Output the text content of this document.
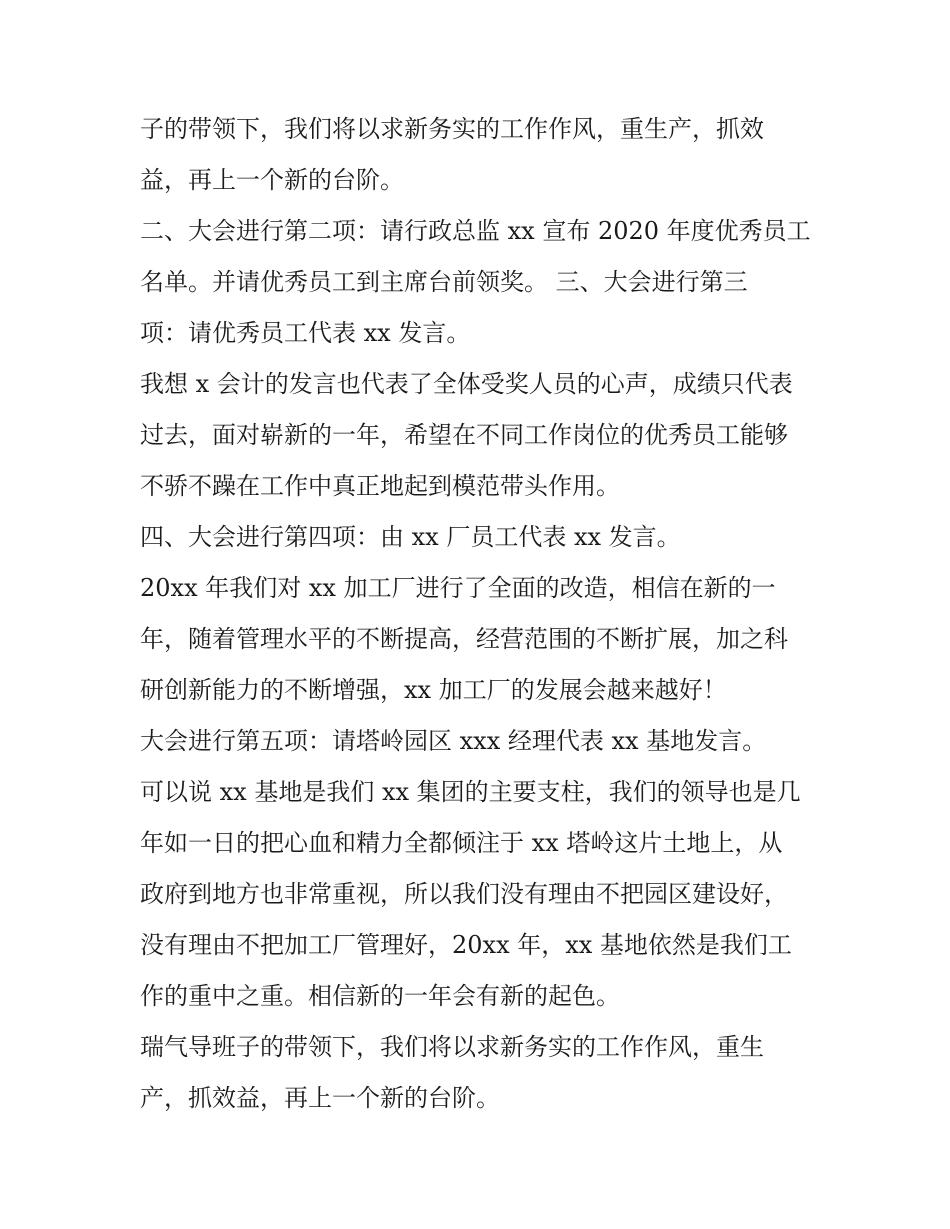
子的带领下，我们将以求新务实的工作作风，重生产，抓效
益，再上一个新的台阶。
二、大会进行第二项：请行政总监 xx 宣布 2020 年度优秀员工
名单。并请优秀员工到主席台前领奖。 三、大会进行第三
项：请优秀员工代表 xx 发言。
我想 x 会计的发言也代表了全体受奖人员的心声，成绩只代表
过去，面对崭新的一年，希望在不同工作岗位的优秀员工能够
不骄不躁在工作中真正地起到模范带头作用。
四、大会进行第四项：由 xx 厂员工代表 xx 发言。
20xx 年我们对 xx 加工厂进行了全面的改造，相信在新的一
年，随着管理水平的不断提高，经营范围的不断扩展，加之科
研创新能力的不断增强，xx 加工厂的发展会越来越好！
大会进行第五项：请塔岭园区 xxx 经理代表 xx 基地发言。
可以说 xx 基地是我们 xx 集团的主要支柱，我们的领导也是几
年如一日的把心血和精力全都倾注于 xx 塔岭这片土地上，从
政府到地方也非常重视，所以我们没有理由不把园区建设好，
没有理由不把加工厂管理好，20xx 年，xx 基地依然是我们工
作的重中之重。相信新的一年会有新的起色。
瑞气导班子的带领下，我们将以求新务实的工作作风，重生
产，抓效益，再上一个新的台阶。
